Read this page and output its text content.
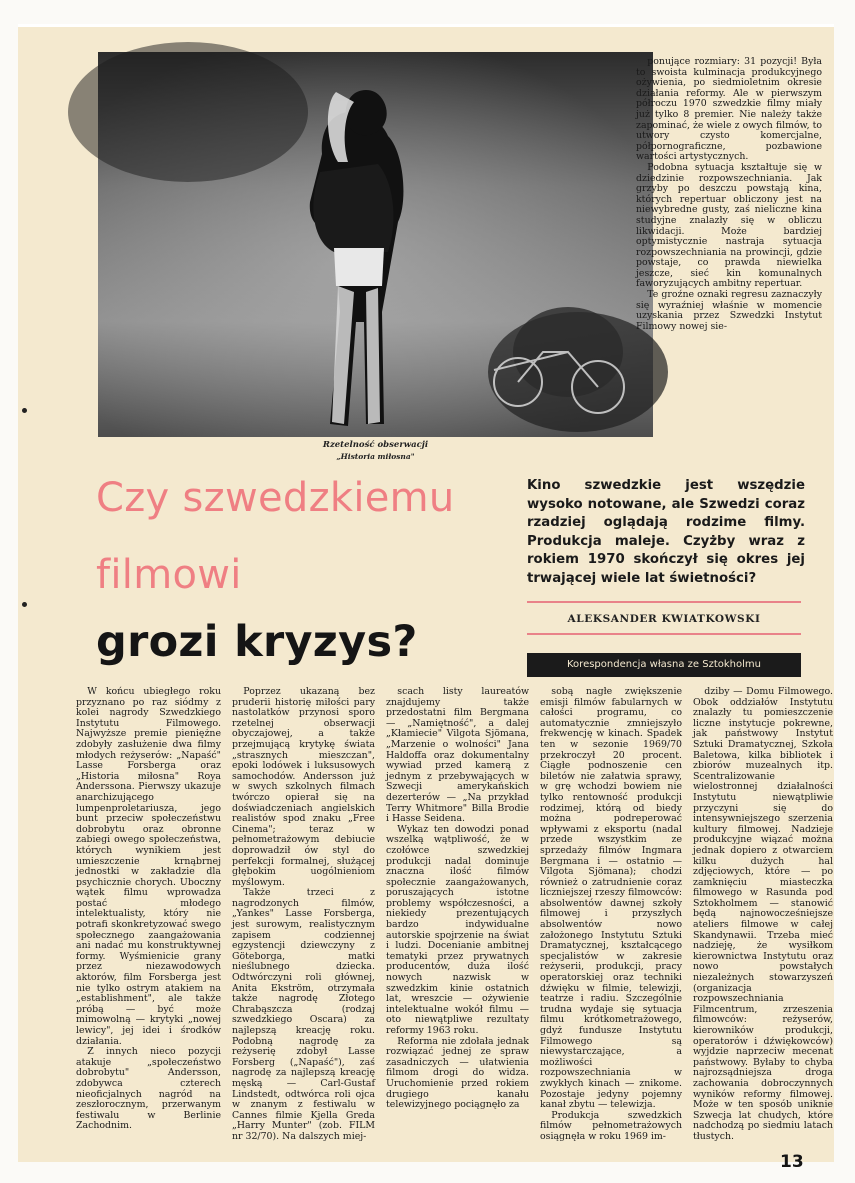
Rzetelność obserwacji
„Historia miłosna"

ponujące rozmiary: 31 pozycji! Była to swoista kulminacja produkcyjnego ożywienia, po siedmioletnim okresie działania reformy. Ale w pierwszym półroczu 1970 szwedzkie filmy miały już tylko 8 premier. Nie należy także zapominać, że wiele z owych filmów, to utwory czysto komercjalne, półpornograficzne, pozbawione wartości artystycznych.

Podobna sytuacja kształtuje się w dziedzinie rozpowszechniania. Jak grzyby po deszczu powstają kina, których repertuar obliczony jest na niewybredne gusty, zaś nieliczne kina studyjne znalazły się w obliczu likwidacji. Może bardziej optymistycznie nastraja sytuacja rozpowszechniania na prowincji, gdzie powstaje, co prawda niewielka jeszcze, sieć kin komunalnych faworyzujących ambitny repertuar.

Te groźne oznaki regresu zaznaczyły się wyraźniej właśnie w momencie uzyskania przez Szwedzki Instytut Filmowy nowej sie-

Czy szwedzkiemu
filmowi
grozi kryzys?
Kino szwedzkie jest wszędzie wysoko notowane, ale Szwedzi coraz rzadziej oglądają rodzime filmy. Produkcja maleje. Czyżby wraz z rokiem 1970 skończył się okres jej trwającej wiele lat świetności?
ALEKSANDER KWIATKOWSKI
Korespondencja własna ze Sztokholmu

W końcu ubiegłego roku przyznano po raz siódmy z kolei nagrody Szwedzkiego Instytutu Filmowego. Najwyższe premie pieniężne zdobyły zasłużenie dwa filmy młodych reżyserów: „Napaść" Lasse Forsberga oraz „Historia miłosna" Roya Anderssona. Pierwszy ukazuje anarchizującego lumpenproletariusza, jego bunt przeciw społeczeństwu dobrobytu oraz obronne zabiegi owego społeczeństwa, których wynikiem jest umieszczenie krnąbrnej jednostki w zakładzie dla psychicznie chorych. Uboczny wątek filmu wprowadza postać młodego intelektualisty, który nie potrafi skonkretyzować swego społecznego zaangażowania ani nadać mu konstruktywnej formy. Wyśmienicie grany przez niezawodowych aktorów, film Forsberga jest nie tylko ostrym atakiem na „establishment", ale także próbą — być może mimowolną — krytyki „nowej lewicy", jej idei i środków działania.

Z innych nieco pozycji atakuje „społeczeństwo dobrobytu" Andersson, zdobywca czterech nieoficjalnych nagród na zeszłorocznym, przerwanym festiwalu w Berlinie Zachodnim.

Poprzez ukazaną bez pruderii historię miłości pary nastolatków przynosi sporo rzetelnej obserwacji obyczajowej, a także przejmującą krytykę świata „strasznych mieszczan", epoki lodówek i luksusowych samochodów. Andersson już w swych szkolnych filmach twórczo opierał się na doświadczeniach angielskich realistów spod znaku „Free Cinema"; teraz w pełnometrażowym debiucie doprowadził ów styl do perfekcji formalnej, służącej głębokim uogólnieniom myślowym.

Także trzeci z nagrodzonych filmów, „Yankes" Lasse Forsberga, jest surowym, realistycznym zapisem codziennej egzystencji dziewczyny z Göteborga, matki nieślubnego dziecka. Odtwórczyni roli głównej, Anita Ekström, otrzymała także nagrodę Złotego Chrabąszcza (rodzaj szwedzkiego Oscara) za najlepszą kreację roku. Podobną nagrodę za reżyserię zdobył Lasse Forsberg („Napaść"), zaś nagrodę za najlepszą kreację męską — Carl-Gustaf Lindstedt, odtwórca roli ojca w znanym z festiwalu w Cannes filmie Kjella Greda „Harry Munter" (zob. FILM nr 32/70). Na dalszych miej-

scach listy laureatów znajdujemy także przedostatni film Bergmana — „Namiętność", a dalej „Kłamiecie" Vilgota Sjömana, „Marzenie o wolności" Jana Haldoffa oraz dokumentalny wywiad przed kamerą z jednym z przebywających w Szwecji amerykańskich dezerterów — „Na przykład Terry Whitmore" Billa Brodie i Hasse Seidena.

Wykaz ten dowodzi ponad wszelką wątpliwość, że w czołówce szwedzkiej produkcji nadal dominuje znaczna ilość filmów społecznie zaangażowanych, poruszających istotne problemy współczesności, a niekiedy prezentujących bardzo indywidualne autorskie spojrzenie na świat i ludzi. Docenianie ambitnej tematyki przez prywatnych producentów, duża ilość nowych nazwisk w szwedzkim kinie ostatnich lat, wreszcie — ożywienie intelektualne wokół filmu — oto niewątpliwe rezultaty reformy 1963 roku.

Reforma nie zdołała jednak rozwiązać jednej ze spraw zasadniczych — ułatwienia filmom drogi do widza. Uruchomienie przed rokiem drugiego kanału telewizyjnego pociągnęło za

sobą nagłe zwiększenie emisji filmów fabularnych w całości programu, co automatycznie zmniejszyło frekwencję w kinach. Spadek ten w sezonie 1969/70 przekroczył 20 procent. Ciągłe podnoszenie cen biletów nie załatwia sprawy, w grę wchodzi bowiem nie tylko rentowność produkcji rodzimej, którą od biedy można podreperować wpływami z eksportu (nadal przede wszystkim ze sprzedaży filmów Ingmara Bergmana i — ostatnio — Vilgota Sjömana); chodzi również o zatrudnienie coraz liczniejszej rzeszy filmowców: absolwentów dawnej szkoły filmowej i przyszłych absolwentów nowo założonego Instytutu Sztuki Dramatycznej, kształcącego specjalistów w zakresie reżyserii, produkcji, pracy operatorskiej oraz techniki dźwięku w filmie, telewizji, teatrze i radiu. Szczególnie trudna wydaje się sytuacja filmu krótkometrażowego, gdyż fundusze Instytutu Filmowego są niewystarczające, a możliwości rozpowszechniania w zwykłych kinach — znikome. Pozostaje jedyny pojemny kanał zbytu — telewizja.

Produkcja szwedzkich filmów pełnometrażowych osiągnęła w roku 1969 im-

dziby — Domu Filmowego. Obok oddziałów Instytutu znalazły tu pomieszczenie liczne instytucje pokrewne, jak państwowy Instytut Sztuki Dramatycznej, Szkoła Baletowa, kilka bibliotek i zbiorów muzealnych itp. Scentralizowanie wielostronnej działalności Instytutu niewątpliwie przyczyni się do intensywniejszego szerzenia kultury filmowej. Nadzieje produkcyjne wiązać można jednak dopiero z otwarciem kilku dużych hal zdjęciowych, które — po zamknięciu miasteczka filmowego w Rasunda pod Sztokholmem — stanowić będą najnowocześniejsze ateliers filmowe w całej Skandynawii. Trzeba mieć nadzieję, że wysiłkom kierownictwa Instytutu oraz nowo powstałych niezależnych stowarzyszeń (organizacja rozpowszechniania Filmcentrum, zrzeszenia filmowców: reżyserów, kierowników produkcji, operatorów i dźwiękowców) wyjdzie naprzeciw mecenat państwowy. Byłaby to chyba najrozsądniejsza droga zachowania dobroczynnych wyników reformy filmowej. Może w ten sposób uniknie Szwecja lat chudych, które nadchodzą po siedmiu latach tłustych.

13
